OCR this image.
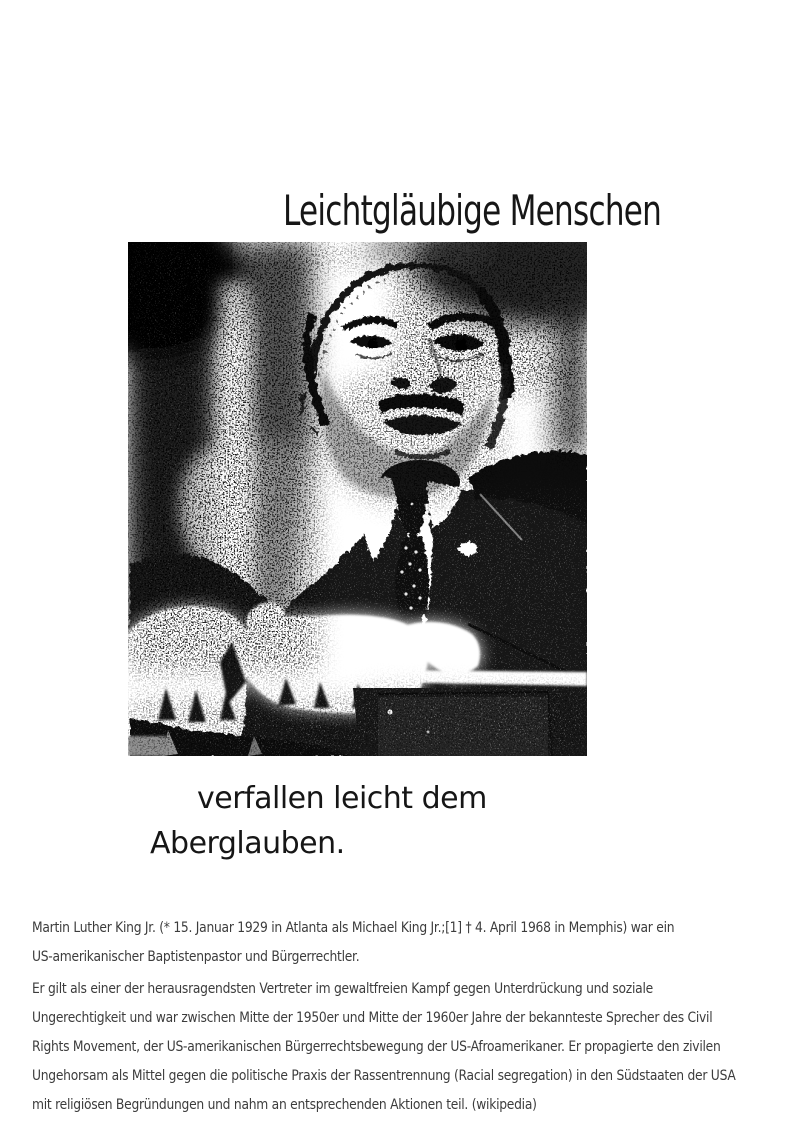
Leichtgläubige Menschen
verfallen leicht dem
Aberglauben.
Martin Luther King Jr. (* 15. Januar 1929 in Atlanta als Michael King Jr.;[1] † 4. April 1968 in Memphis) war ein
US-amerikanischer Baptistenpastor und Bürgerrechtler.
Er gilt als einer der herausragendsten Vertreter im gewaltfreien Kampf gegen Unterdrückung und soziale
Ungerechtigkeit und war zwischen Mitte der 1950er und Mitte der 1960er Jahre der bekannteste Sprecher des Civil
Rights Movement, der US-amerikanischen Bürgerrechtsbewegung der US-Afroamerikaner. Er propagierte den zivilen
Ungehorsam als Mittel gegen die politische Praxis der Rassentrennung (Racial segregation) in den Südstaaten der USA
mit religiösen Begründungen und nahm an entsprechenden Aktionen teil. (wikipedia)
